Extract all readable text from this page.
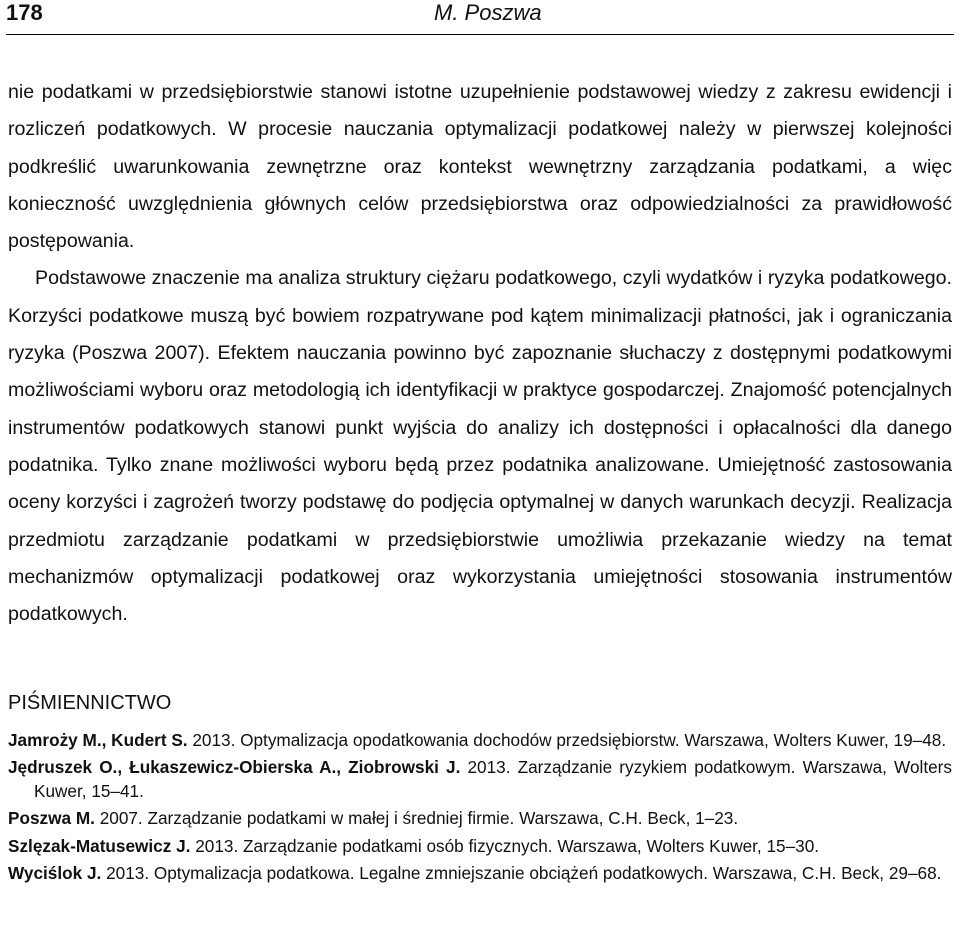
178	M. Poszwa

nie podatkami w przedsiębiorstwie stanowi istotne uzupełnienie podstawowej wiedzy z zakresu ewidencji i rozliczeń podatkowych. W procesie nauczania optymalizacji podatkowej należy w pierwszej kolejności podkreślić uwarunkowania zewnętrzne oraz kontekst wewnętrzny zarządzania podatkami, a więc konieczność uwzględnienia głównych celów przedsiębiorstwa oraz odpowiedzialności za prawidłowość postępowania.

Podstawowe znaczenie ma analiza struktury ciężaru podatkowego, czyli wydatków i ryzyka podatkowego. Korzyści podatkowe muszą być bowiem rozpatrywane pod kątem minimalizacji płatności, jak i ograniczania ryzyka (Poszwa 2007). Efektem nauczania powinno być zapoznanie słuchaczy z dostępnymi podatkowymi możliwościami wyboru oraz metodologią ich identyfikacji w praktyce gospodarczej. Znajomość potencjalnych instrumentów podatkowych stanowi punkt wyjścia do analizy ich dostępności i opłacalności dla danego podatnika. Tylko znane możliwości wyboru będą przez podatnika analizowane. Umiejętność zastosowania oceny korzyści i zagrożeń tworzy podstawę do podjęcia optymalnej w danych warunkach decyzji. Realizacja przedmiotu zarządzanie podatkami w przedsiębiorstwie umożliwia przekazanie wiedzy na temat mechanizmów optymalizacji podatkowej oraz wykorzystania umiejętności stosowania instrumentów podatkowych.

PIŚMIENNICTWO
Jamroży M., Kudert S. 2013. Optymalizacja opodatkowania dochodów przedsiębiorstw. Warszawa, Wolters Kuwer, 19–48.
Jędruszek O., Łukaszewicz-Obierska A., Ziobrowski J. 2013. Zarządzanie ryzykiem podatkowym. Warszawa, Wolters Kuwer, 15–41.
Poszwa M. 2007. Zarządzanie podatkami w małej i średniej firmie. Warszawa, C.H. Beck, 1–23.
Szlęzak-Matusewicz J. 2013. Zarządzanie podatkami osób fizycznych. Warszawa, Wolters Kuwer, 15–30.
Wyciślok J. 2013. Optymalizacja podatkowa. Legalne zmniejszanie obciążeń podatkowych. Warszawa, C.H. Beck, 29–68.
